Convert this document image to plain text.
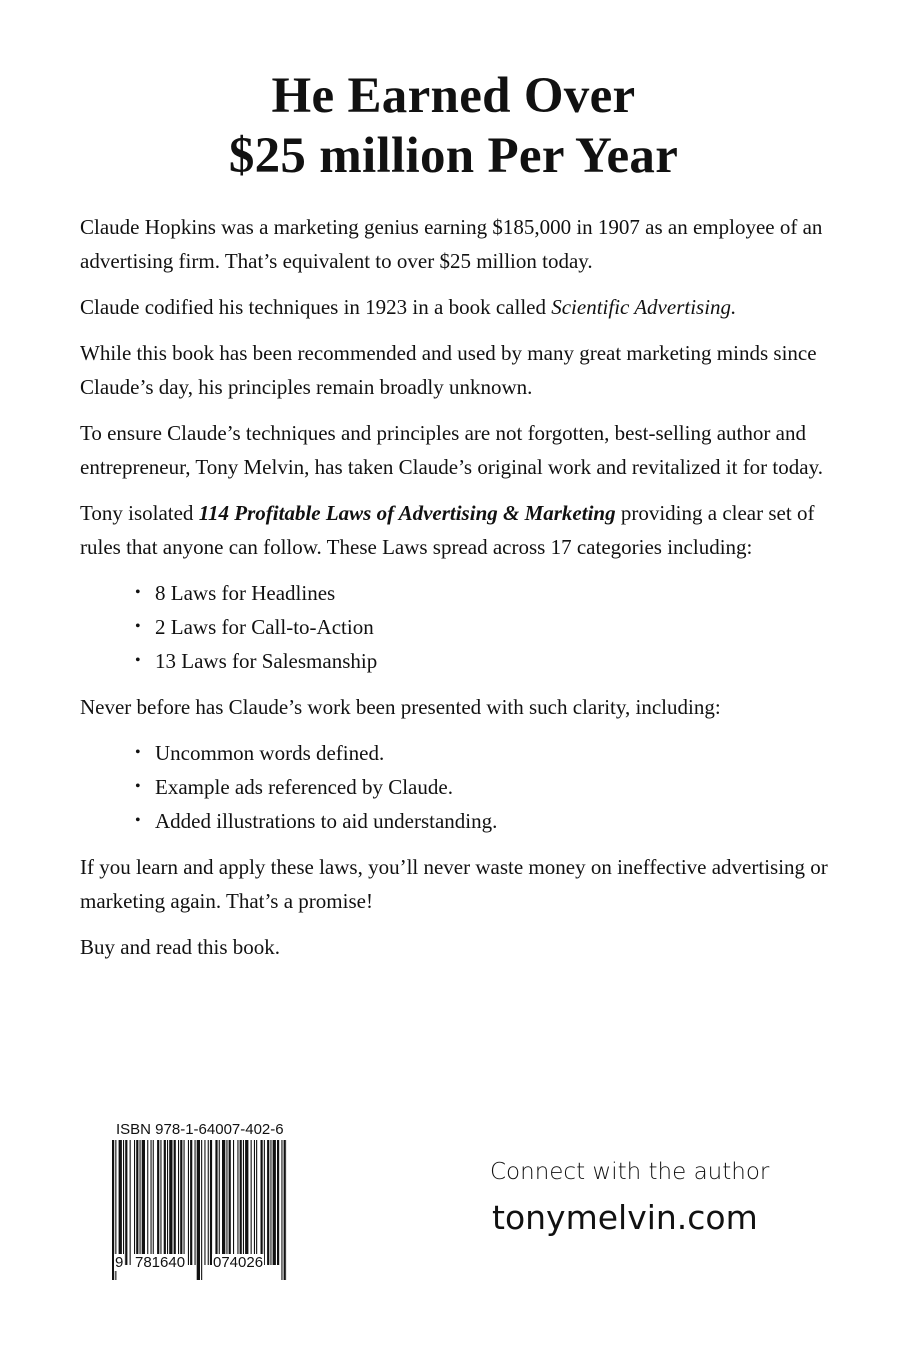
He Earned Over
$25 million Per Year

Claude Hopkins was a marketing genius earning $185,000 in 1907 as an employee of an advertising firm. That’s equivalent to over $25 million today.

Claude codified his techniques in 1923 in a book called Scientific Advertising.

While this book has been recommended and used by many great marketing minds since Claude’s day, his principles remain broadly unknown.

To ensure Claude’s techniques and principles are not forgotten, best-selling author and entrepreneur, Tony Melvin, has taken Claude’s original work and revitalized it for today.

Tony isolated 114 Profitable Laws of Advertising & Marketing providing a clear set of rules that anyone can follow. These Laws spread across 17 categories including:

• 8 Laws for Headlines
• 2 Laws for Call-to-Action
• 13 Laws for Salesmanship

Never before has Claude’s work been presented with such clarity, including:

• Uncommon words defined.
• Example ads referenced by Claude.
• Added illustrations to aid understanding.

If you learn and apply these laws, you’ll never waste money on ineffective advertising or marketing again. That’s a promise!

Buy and read this book.

ISBN 978-1-64007-402-6
9 781640 074026
Connect with the author
tonymelvin.com
